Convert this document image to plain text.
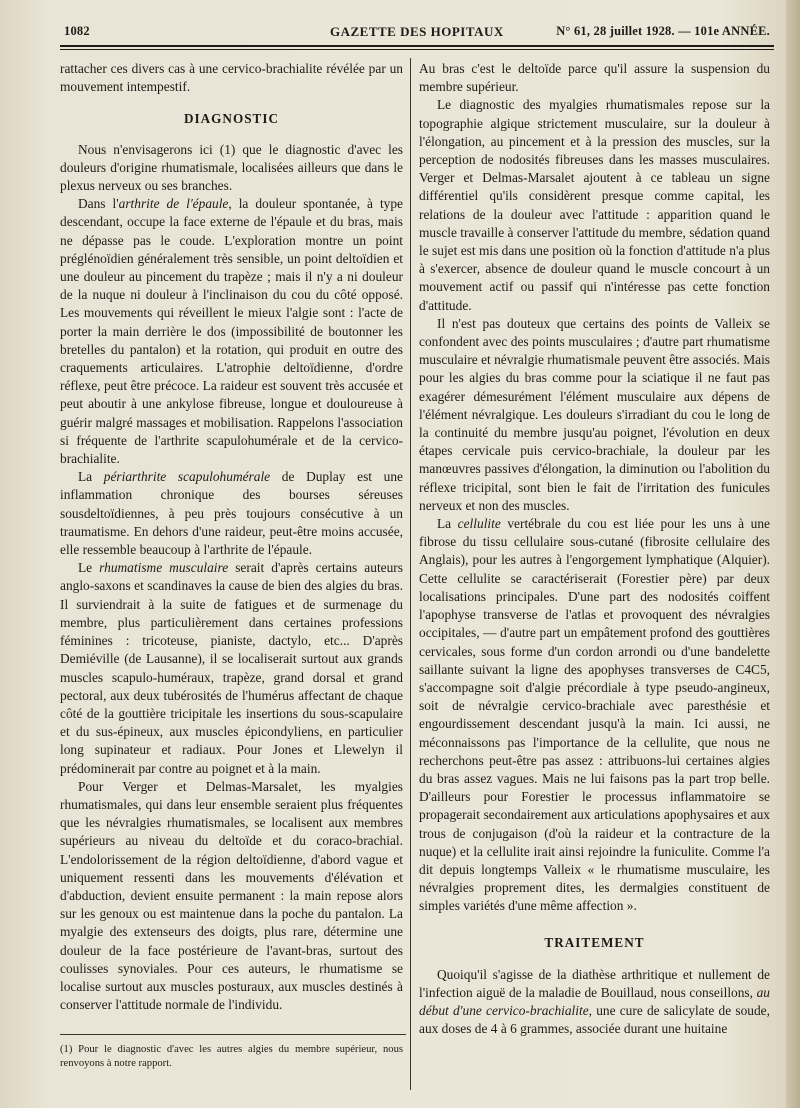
1082	GAZETTE DES HOPITAUX	N° 61, 28 juillet 1928. — 101e ANNÉE.

rattacher ces divers cas à une cervico-brachialite révélée par un mouvement intempestif.

DIAGNOSTIC

Nous n'envisagerons ici (1) que le diagnostic d'avec les douleurs d'origine rhumatismale, localisées ailleurs que dans le plexus nerveux ou ses branches.

Dans l'arthrite de l'épaule, la douleur spontanée, à type descendant, occupe la face externe de l'épaule et du bras, mais ne dépasse pas le coude. L'exploration montre un point préglénoïdien généralement très sensible, un point deltoïdien et une douleur au pincement du trapèze ; mais il n'y a ni douleur de la nuque ni douleur à l'inclinaison du cou du côté opposé. Les mouvements qui réveillent le mieux l'algie sont : l'acte de porter la main derrière le dos (impossibilité de boutonner les bretelles du pantalon) et la rotation, qui produit en outre des craquements articulaires. L'atrophie deltoïdienne, d'ordre réflexe, peut être précoce. La raideur est souvent très accusée et peut aboutir à une ankylose fibreuse, longue et douloureuse à guérir malgré massages et mobilisation. Rappelons l'association si fréquente de l'arthrite scapulohumérale et de la cervico-brachialite.

La périarthrite scapulohumérale de Duplay est une inflammation chronique des bourses séreuses sousdeltoïdiennes, à peu près toujours consécutive à un traumatisme. En dehors d'une raideur, peut-être moins accusée, elle ressemble beaucoup à l'arthrite de l'épaule.

Le rhumatisme musculaire serait d'après certains auteurs anglo-saxons et scandinaves la cause de bien des algies du bras. Il surviendrait à la suite de fatigues et de surmenage du membre, plus particulièrement dans certaines professions féminines : tricoteuse, pianiste, dactylo, etc... D'après Demiéville (de Lausanne), il se localiserait surtout aux grands muscles scapulo-huméraux, trapèze, grand dorsal et grand pectoral, aux deux tubérosités de l'humérus affectant de chaque côté de la gouttière tricipitale les insertions du sous-scapulaire et du sus-épineux, aux muscles épicondyliens, en particulier long supinateur et radiaux. Pour Jones et Llewelyn il prédominerait par contre au poignet et à la main.

Pour Verger et Delmas-Marsalet, les myalgies rhumatismales, qui dans leur ensemble seraient plus fréquentes que les névralgies rhumatismales, se localisent aux membres supérieurs au niveau du deltoïde et du coraco-brachial. L'endolorissement de la région deltoïdienne, d'abord vague et uniquement ressenti dans les mouvements d'élévation et d'abduction, devient ensuite permanent : la main repose alors sur les genoux ou est maintenue dans la poche du pantalon. La myalgie des extenseurs des doigts, plus rare, détermine une douleur de la face postérieure de l'avant-bras, surtout des coulisses synoviales. Pour ces auteurs, le rhumatisme se localise surtout aux muscles posturaux, aux muscles destinés à conserver l'attitude normale de l'individu.

(1) Pour le diagnostic d'avec les autres algies du membre supérieur, nous renvoyons à notre rapport.

Au bras c'est le deltoïde parce qu'il assure la suspension du membre supérieur.

Le diagnostic des myalgies rhumatismales repose sur la topographie algique strictement musculaire, sur la douleur à l'élongation, au pincement et à la pression des muscles, sur la perception de nodosités fibreuses dans les masses musculaires. Verger et Delmas-Marsalet ajoutent à ce tableau un signe différentiel qu'ils considèrent presque comme capital, les relations de la douleur avec l'attitude : apparition quand le muscle travaille à conserver l'attitude du membre, sédation quand le sujet est mis dans une position où la fonction d'attitude n'a plus à s'exercer, absence de douleur quand le muscle concourt à un mouvement actif ou passif qui n'intéresse pas cette fonction d'attitude.

Il n'est pas douteux que certains des points de Valleix se confondent avec des points musculaires ; d'autre part rhumatisme musculaire et névralgie rhumatismale peuvent être associés. Mais pour les algies du bras comme pour la sciatique il ne faut pas exagérer démesurément l'élément musculaire aux dépens de l'élément névralgique. Les douleurs s'irradiant du cou le long de la continuité du membre jusqu'au poignet, l'évolution en deux étapes cervicale puis cervico-brachiale, la douleur par les manœuvres passives d'élongation, la diminution ou l'abolition du réflexe tricipital, sont bien le fait de l'irritation des funicules nerveux et non des muscles.

La cellulite vertébrale du cou est liée pour les uns à une fibrose du tissu cellulaire sous-cutané (fibrosite cellulaire des Anglais), pour les autres à l'engorgement lymphatique (Alquier). Cette cellulite se caractériserait (Forestier père) par deux localisations principales. D'une part des nodosités coiffent l'apophyse transverse de l'atlas et provoquent des névralgies occipitales, — d'autre part un empâtement profond des gouttières cervicales, sous forme d'un cordon arrondi ou d'une bandelette saillante suivant la ligne des apophyses transverses de C4C5, s'accompagne soit d'algie précordiale à type pseudo-angineux, soit de névralgie cervico-brachiale avec paresthésie et engourdissement descendant jusqu'à la main. Ici aussi, ne méconnaissons pas l'importance de la cellulite, que nous ne recherchons peut-être pas assez : attribuons-lui certaines algies du bras assez vagues. Mais ne lui faisons pas la part trop belle. D'ailleurs pour Forestier le processus inflammatoire se propagerait secondairement aux articulations apophysaires et aux trous de conjugaison (d'où la raideur et la contracture de la nuque) et la cellulite irait ainsi rejoindre la funiculite. Comme l'a dit depuis longtemps Valleix « le rhumatisme musculaire, les névralgies proprement dites, les dermalgies constituent de simples variétés d'une même affection ».

TRAITEMENT

Quoiqu'il s'agisse de la diathèse arthritique et nullement de l'infection aiguë de la maladie de Bouillaud, nous conseillons, au début d'une cervico-brachialite, une cure de salicylate de soude, aux doses de 4 à 6 grammes, associée durant une huitaine
